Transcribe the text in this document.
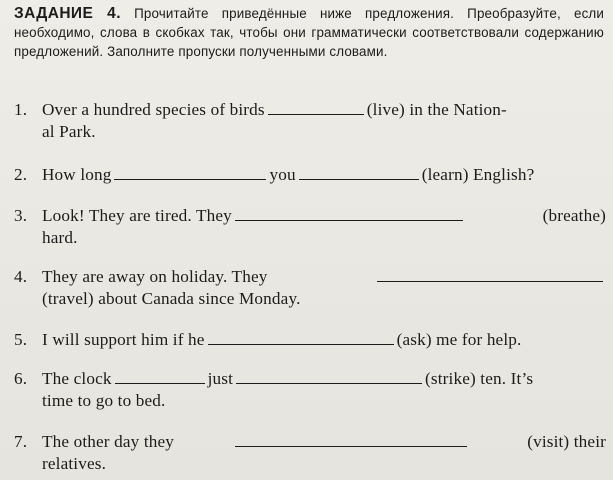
ЗАДАНИЕ 4. Прочитайте приведённые ниже предложения. Преобразуйте, если необходимо, слова в скобках так, чтобы они грамматически соответствовали содержанию предложений. Заполните пропуски полученными словами.
1. Over a hundred species of birds	(live) in the Nation-
al Park.
2. How long	you	(learn) English?
3. Look! They are tired. They	(breathe)
hard.
4. They are away on holiday. They
(travel) about Canada since Monday.
5. I will support him if he	(ask) me for help.
6. The clock	just	(strike) ten. It’s
time to go to bed.
7. The other day they	(visit) their
relatives.
